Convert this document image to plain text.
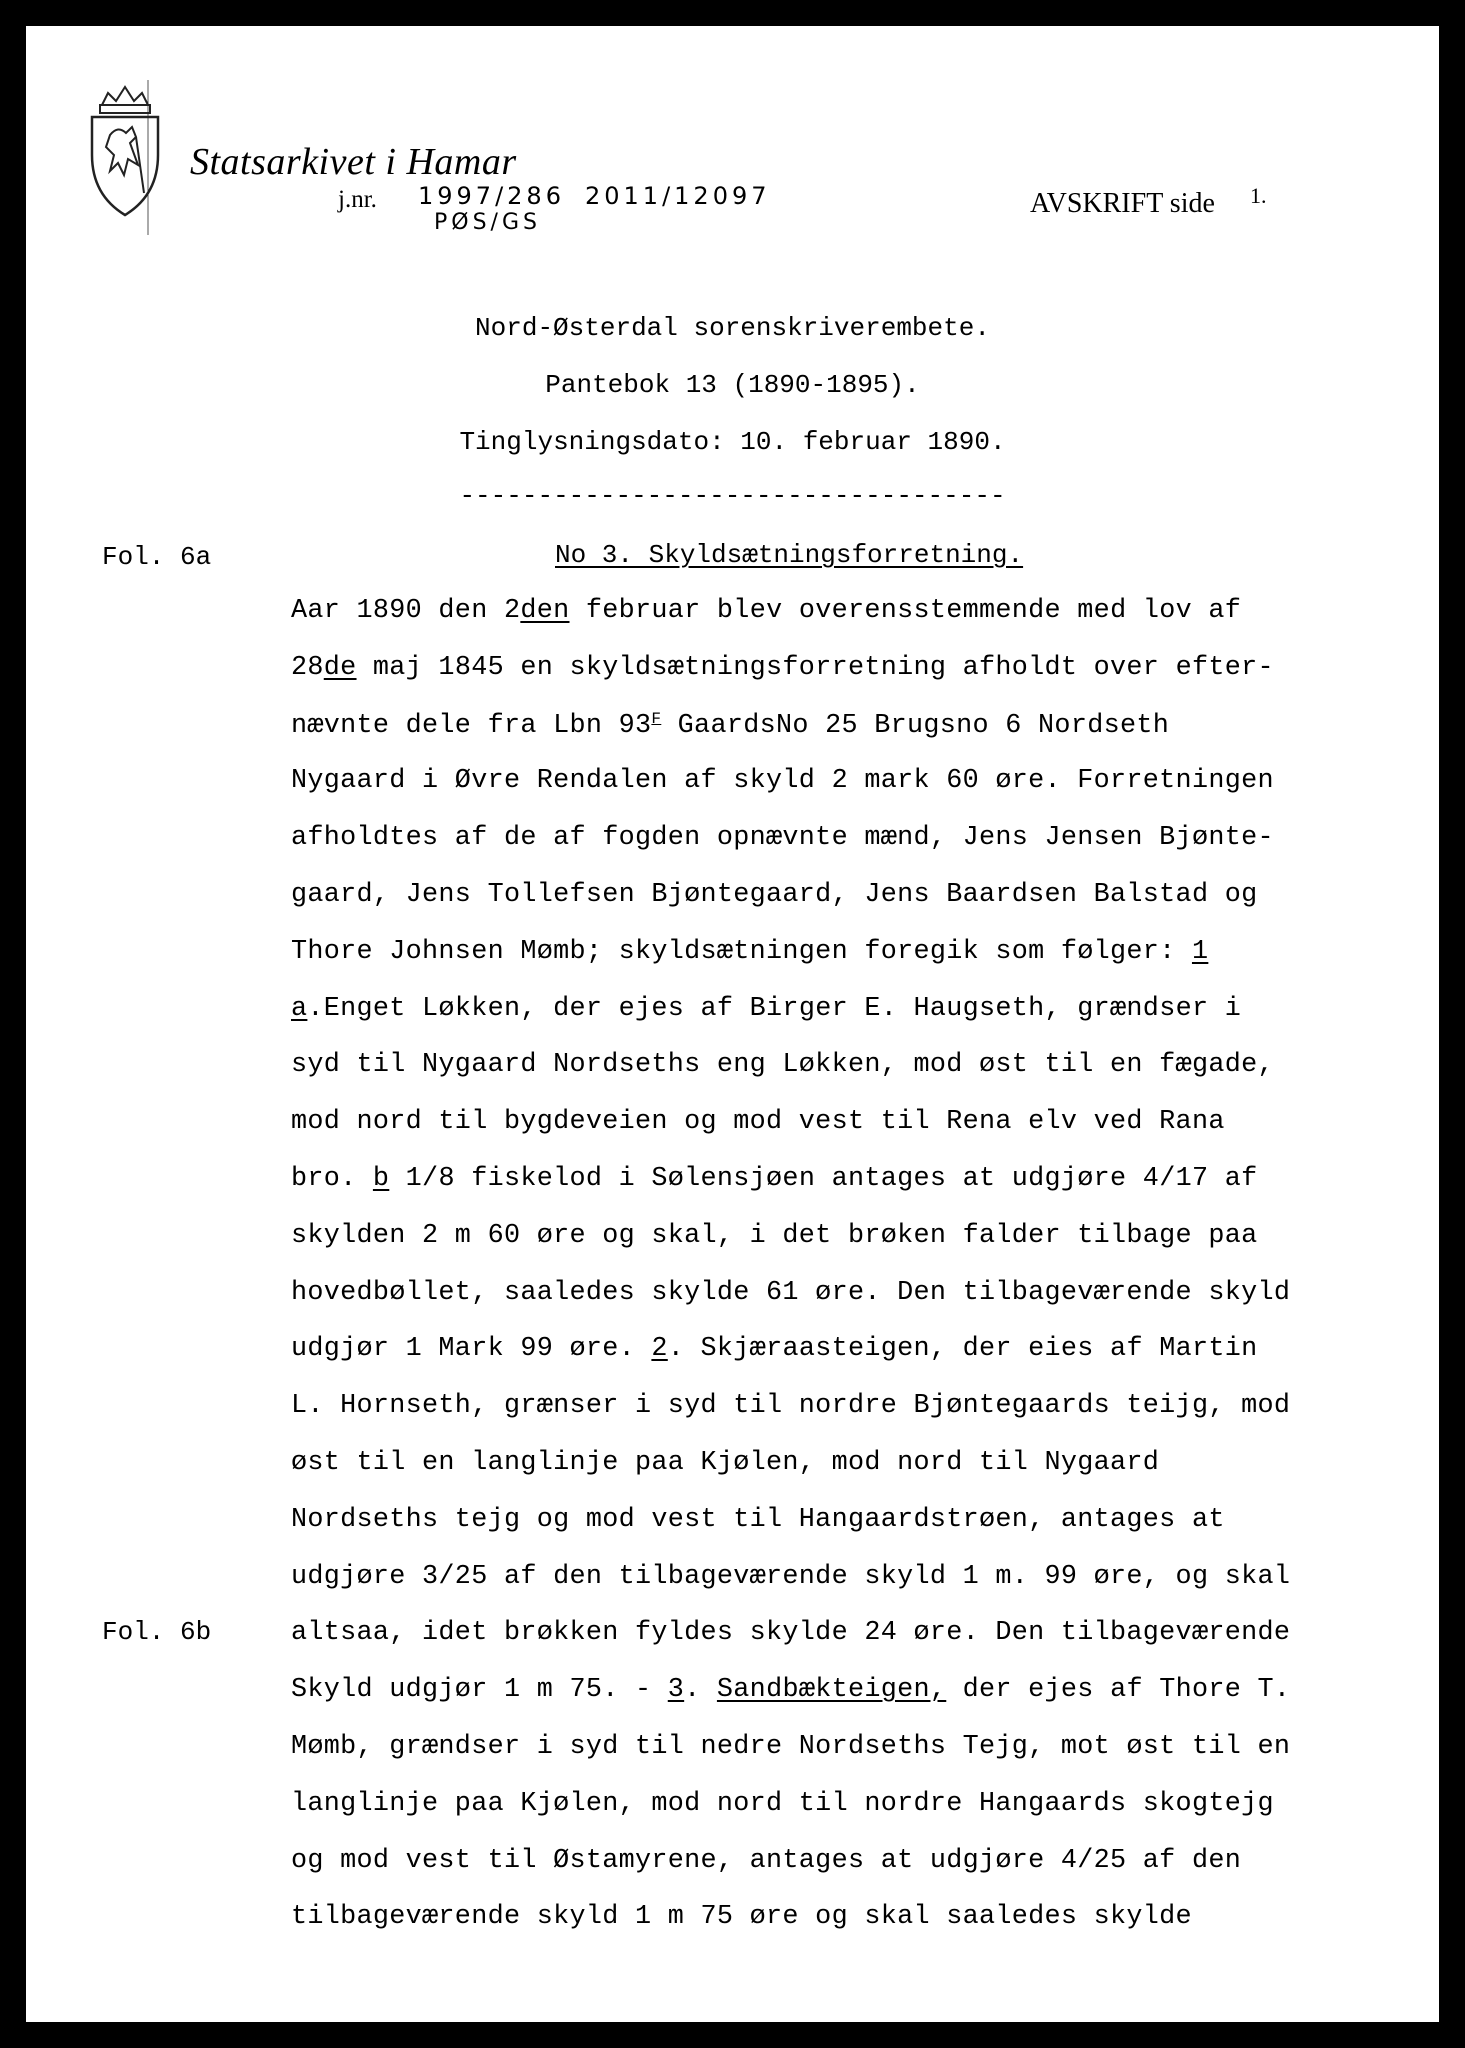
Statsarkivet i Hamar
j.nr. 1997/286 2011/12097
PØS/GS
AVSKRIFT side 1.
Nord-Østerdal sorenskriverembete.
Pantebok 13 (1890-1895).
Tinglysningsdato: 10. februar 1890.
-----------------------------------
Fol. 6a
Fol. 6b
No 3. Skyldsætningsforretning.
Aar 1890 den 2den februar blev overensstemmende med lov af
28de maj 1845 en skyldsætningsforretning afholdt over efter-
nævnte dele fra Lbn $93^F$ GaardsNo 25 Brugsno 6 Nordseth
Nygaard i Øvre Rendalen af skyld 2 mark 60 øre. Forretningen
afholdtes af de af fogden opnævnte mænd, Jens Jensen Bjønte-
gaard, Jens Tollefsen Bjøntegaard, Jens Baardsen Balstad og
Thore Johnsen Mømb; skyldsætningen foregik som følger: 1
a.Enget Løkken, der ejes af Birger E. Haugseth, grændser i
syd til Nygaard Nordseths eng Løkken, mod øst til en fægade,
mod nord til bygdeveien og mod vest til Rena elv ved Rana
bro. b 1/8 fiskelod i Sølensjøen antages at udgjøre 4/17 af
skylden 2 m 60 øre og skal, i det brøken falder tilbage paa
hovedbøllet, saaledes skylde 61 øre. Den tilbageværende skyld
udgjør 1 Mark 99 øre. 2. Skjæraasteigen, der eies af Martin
L. Hornseth, grænser i syd til nordre Bjøntegaards teijg, mod
øst til en langlinje paa Kjølen, mod nord til Nygaard
Nordseths tejg og mod vest til Hangaardstrøen, antages at
udgjøre 3/25 af den tilbageværende skyld 1 m. 99 øre, og skal
altsaa, idet brøkken fyldes skylde 24 øre. Den tilbageværende
Skyld udgjør 1 m 75. - 3. Sandbækteigen, der ejes af Thore T.
Mømb, grændser i syd til nedre Nordseths Tejg, mot øst til en
langlinje paa Kjølen, mod nord til nordre Hangaards skogtejg
og mod vest til Østamyrene, antages at udgjøre 4/25 af den
tilbageværende skyld 1 m 75 øre og skal saaledes skylde
